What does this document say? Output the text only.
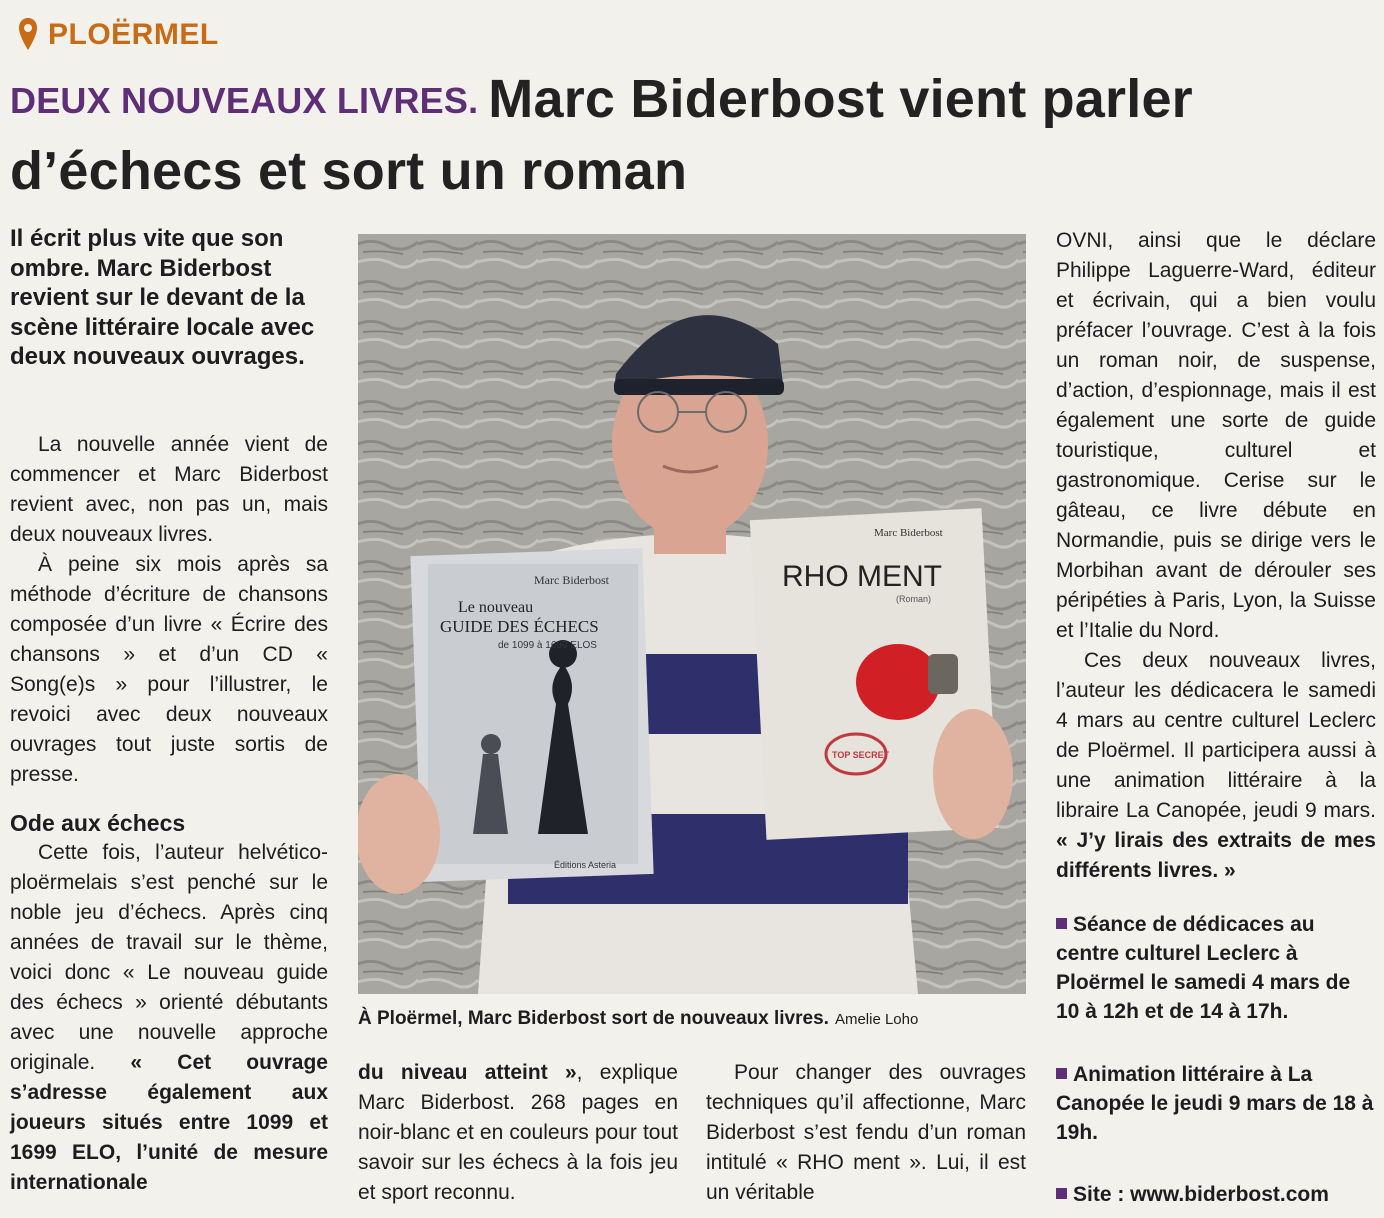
PLOËRMEL
DEUX NOUVEAUX LIVRES. Marc Biderbost vient parler d’échecs et sort un roman
Il écrit plus vite que son ombre. Marc Biderbost revient sur le devant de la scène littéraire locale avec deux nouveaux ouvrages.

La nouvelle année vient de commencer et Marc Biderbost revient avec, non pas un, mais deux nouveaux livres.

À peine six mois après sa méthode d’écriture de chansons composée d’un livre « Écrire des chansons » et d’un CD « Song(e)s » pour l’illustrer, le revoici avec deux nouveaux ouvrages tout juste sortis de presse.

Ode aux échecs

Cette fois, l’auteur helvético-ploërmelais s’est penché sur le noble jeu d’échecs. Après cinq années de travail sur le thème, voici donc « Le nouveau guide des échecs » orienté débutants avec une nouvelle approche originale. « Cet ouvrage s’adresse également aux joueurs situés entre 1099 et 1699 ELO, l’unité de mesure internationale

Marc Biderbost
Le nouveau
GUIDE DES ÉCHECS
de 1099 à 1699 ELOS
Éditions Asteria
Marc Biderbost
RHO MENT
(Roman)
TOP SECRET
À Ploërmel, Marc Biderbost sort de nouveaux livres. Amelie Loho

du niveau atteint », explique Marc Biderbost. 268 pages en noir-blanc et en couleurs pour tout savoir sur les échecs à la fois jeu et sport reconnu.

Pour changer des ouvrages techniques qu’il affectionne, Marc Biderbost s’est fendu d’un roman intitulé « RHO ment ». Lui, il est un véritable

OVNI, ainsi que le déclare Philippe Laguerre-Ward, éditeur et écrivain, qui a bien voulu préfacer l’ouvrage. C’est à la fois un roman noir, de suspense, d’action, d’espionnage, mais il est également une sorte de guide touristique, culturel et gastronomique. Cerise sur le gâteau, ce livre débute en Normandie, puis se dirige vers le Morbihan avant de dérouler ses péripéties à Paris, Lyon, la Suisse et l’Italie du Nord.

Ces deux nouveaux livres, l’auteur les dédicacera le samedi 4 mars au centre culturel Leclerc de Ploërmel. Il participera aussi à une animation littéraire à la libraire La Canopée, jeudi 9 mars. « J’y lirais des extraits de mes différents livres. »

Séance de dédicaces au centre culturel Leclerc à Ploërmel le samedi 4 mars de 10 à 12h et de 14 à 17h.
Animation littéraire à La Canopée le jeudi 9 mars de 18 à 19h.
Site : www.biderbost.com
